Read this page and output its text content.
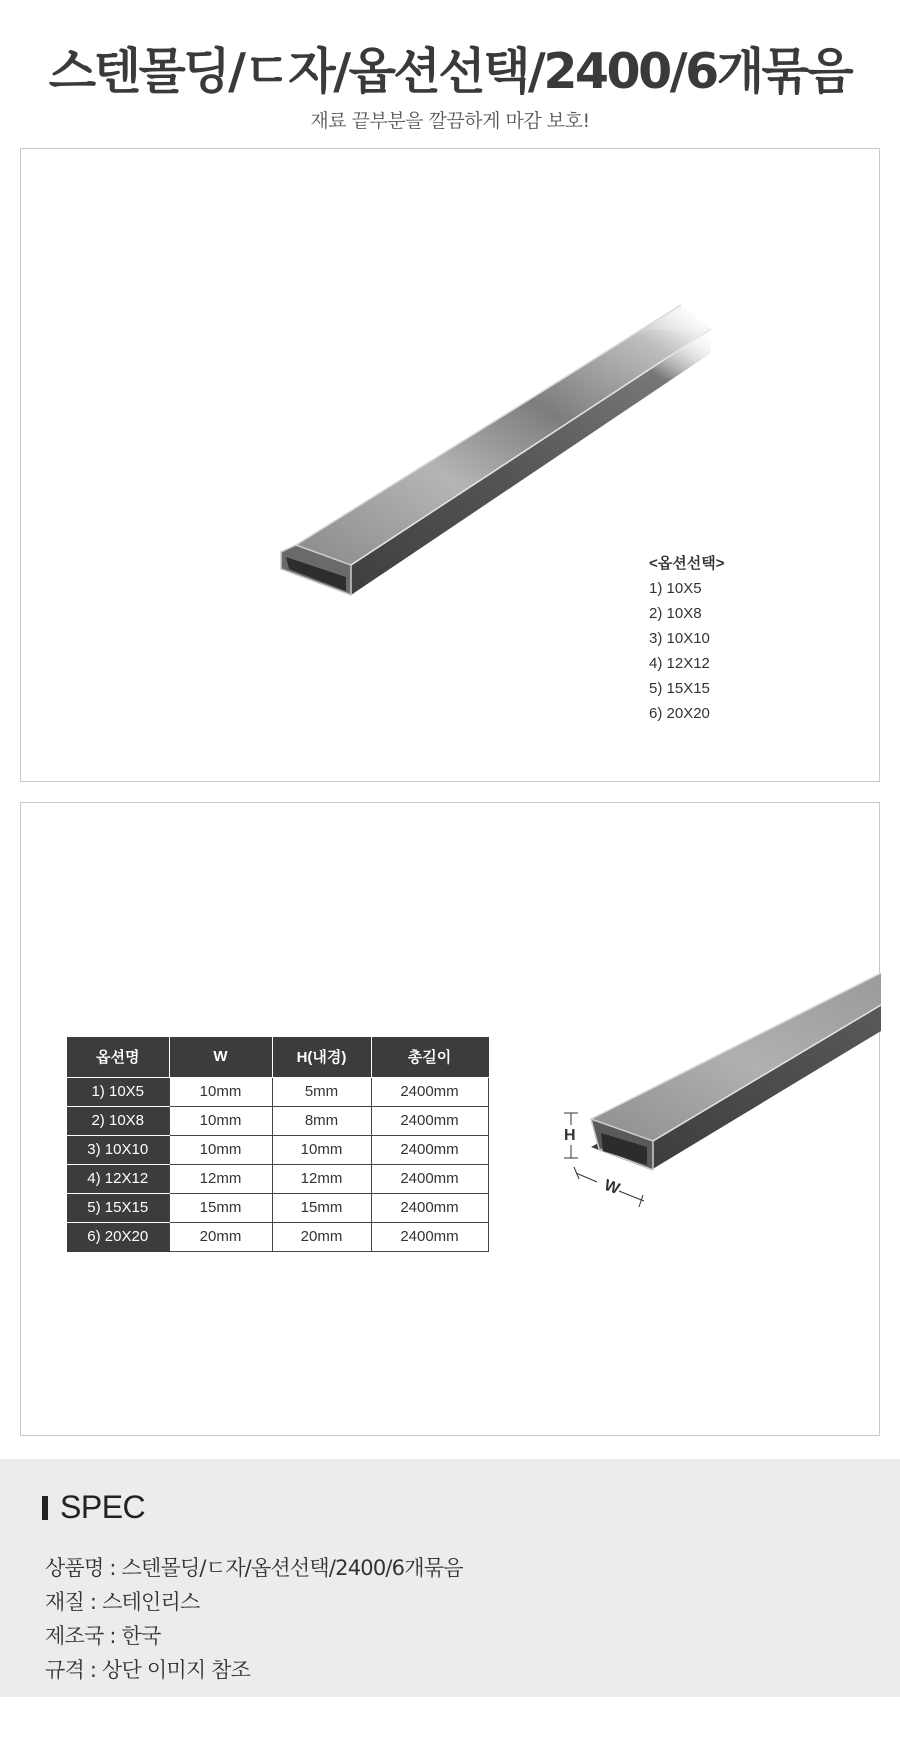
스텐몰딩/ㄷ자/옵션선택/2400/6개묶음

재료 끝부분을 깔끔하게 마감 보호!

<옵션선택>
1) 10X5
2) 10X8
3) 10X10
4) 12X12
5) 15X15
6) 20X20
옵션명	W	H(내경)	총길이
1) 10X5	10mm	5mm	2400mm
2) 10X8	10mm	8mm	2400mm
3) 10X10	10mm	10mm	2400mm
4) 12X12	12mm	12mm	2400mm
5) 15X15	15mm	15mm	2400mm
6) 20X20	20mm	20mm	2400mm
H
W
SPEC
상품명 : 스텐몰딩/ㄷ자/옵션선택/2400/6개묶음
재질 : 스테인리스
제조국 : 한국
규격 : 상단 이미지 참조
